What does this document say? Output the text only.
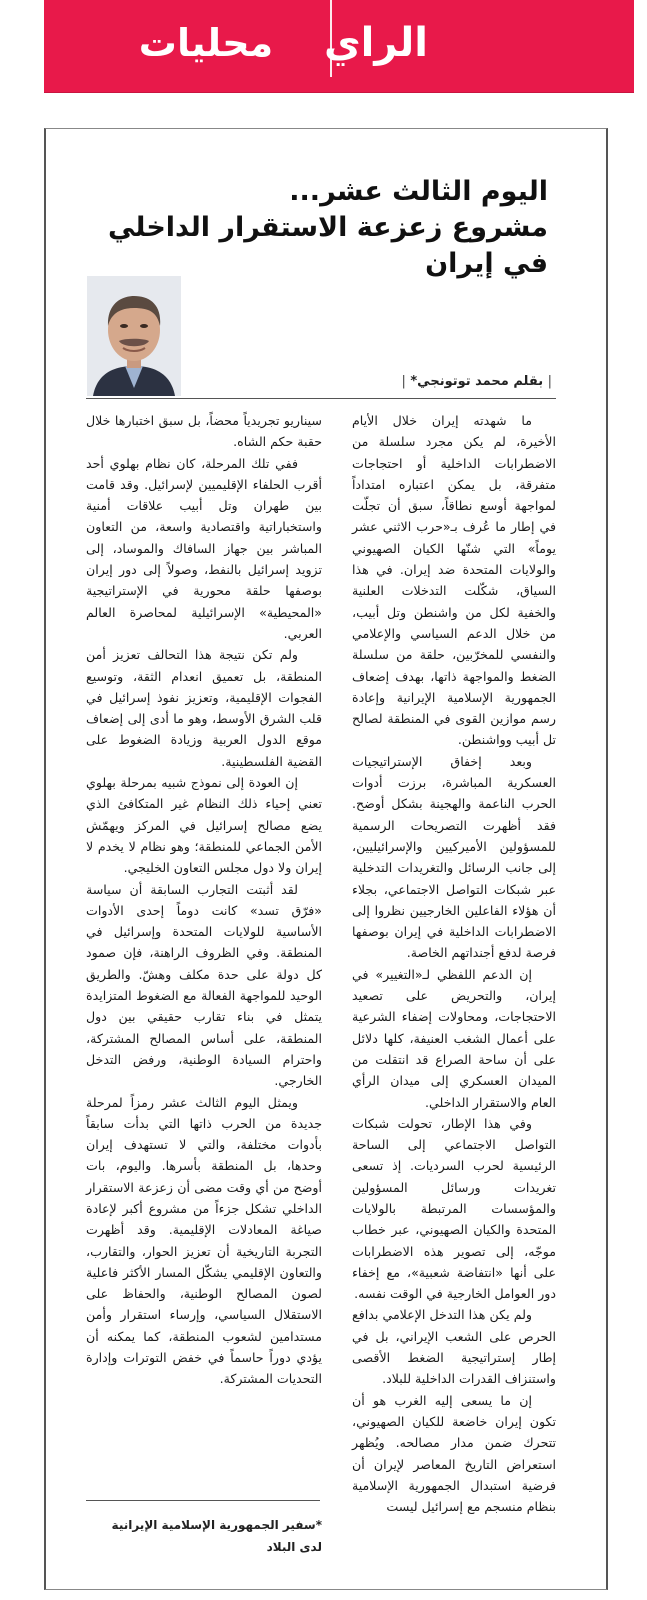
محليات	الراي
اليوم الثالث عشر...
مشروع زعزعة الاستقرار الداخلي في إيران
| بقلم محمد توتونجي* |

ما شهدته إيران خلال الأيام الأخيرة، لم يكن مجرد سلسلة من الاضطرابات الداخلية أو احتجاجات متفرقة، بل يمكن اعتباره امتداداً لمواجهة أوسع نطاقاً، سبق أن تجلّت في إطار ما عُرف بـ«حرب الاثني عشر يوماً» التي شنّها الكيان الصهيوني والولايات المتحدة ضد إيران. في هذا السياق، شكّلت التدخلات العلنية والخفية لكل من واشنطن وتل أبيب، من خلال الدعم السياسي والإعلامي والنفسي للمخرّبين، حلقة من سلسلة الضغط والمواجهة ذاتها، بهدف إضعاف الجمهورية الإسلامية الإيرانية وإعادة رسم موازين القوى في المنطقة لصالح تل أبيب وواشنطن.

وبعد إخفاق الإستراتيجيات العسكرية المباشرة، برزت أدوات الحرب الناعمة والهجينة بشكل أوضح. فقد أظهرت التصريحات الرسمية للمسؤولين الأميركيين والإسرائيليين، إلى جانب الرسائل والتغريدات التدخلية عبر شبكات التواصل الاجتماعي، بجلاء أن هؤلاء الفاعلين الخارجيين نظروا إلى الاضطرابات الداخلية في إيران بوصفها فرصة لدفع أجنداتهم الخاصة.

إن الدعم اللفظي لـ«التغيير» في إيران، والتحريض على تصعيد الاحتجاجات، ومحاولات إضفاء الشرعية على أعمال الشغب العنيفة، كلها دلائل على أن ساحة الصراع قد انتقلت من الميدان العسكري إلى ميدان الرأي العام والاستقرار الداخلي.

وفي هذا الإطار، تحولت شبكات التواصل الاجتماعي إلى الساحة الرئيسية لحرب السرديات. إذ تسعى تغريدات ورسائل المسؤولين والمؤسسات المرتبطة بالولايات المتحدة والكيان الصهيوني، عبر خطاب موجّه، إلى تصوير هذه الاضطرابات على أنها «انتفاضة شعبية»، مع إخفاء دور العوامل الخارجية في الوقت نفسه.

ولم يكن هذا التدخل الإعلامي بدافع الحرص على الشعب الإيراني، بل في إطار إستراتيجية الضغط الأقصى واستنزاف القدرات الداخلية للبلاد.

إن ما يسعى إليه الغرب هو أن تكون إيران خاضعة للكيان الصهيوني، تتحرك ضمن مدار مصالحه. ويُظهر استعراض التاريخ المعاصر لإيران أن فرضية استبدال الجمهورية الإسلامية بنظام منسجم مع إسرائيل ليست

سيناريو تجريدياً محضاً، بل سبق اختبارها خلال حقبة حكم الشاه.

ففي تلك المرحلة، كان نظام بهلوي أحد أقرب الحلفاء الإقليميين لإسرائيل. وقد قامت بين طهران وتل أبيب علاقات أمنية واستخباراتية واقتصادية واسعة، من التعاون المباشر بين جهاز السافاك والموساد، إلى تزويد إسرائيل بالنفط، وصولاً إلى دور إيران بوصفها حلقة محورية في الإستراتيجية «المحيطية» الإسرائيلية لمحاصرة العالم العربي.

ولم تكن نتيجة هذا التحالف تعزيز أمن المنطقة، بل تعميق انعدام الثقة، وتوسيع الفجوات الإقليمية، وتعزيز نفوذ إسرائيل في قلب الشرق الأوسط، وهو ما أدى إلى إضعاف موقع الدول العربية وزيادة الضغوط على القضية الفلسطينية.

إن العودة إلى نموذج شبيه بمرحلة بهلوي تعني إحياء ذلك النظام غير المتكافئ الذي يضع مصالح إسرائيل في المركز ويهمّش الأمن الجماعي للمنطقة؛ وهو نظام لا يخدم لا إيران ولا دول مجلس التعاون الخليجي.

لقد أثبتت التجارب السابقة أن سياسة «فرّق تسد» كانت دوماً إحدى الأدوات الأساسية للولايات المتحدة وإسرائيل في المنطقة. وفي الظروف الراهنة، فإن صمود كل دولة على حدة مكلف وهشّ. والطريق الوحيد للمواجهة الفعالة مع الضغوط المتزايدة يتمثل في بناء تقارب حقيقي بين دول المنطقة، على أساس المصالح المشتركة، واحترام السيادة الوطنية، ورفض التدخل الخارجي.

ويمثل اليوم الثالث عشر رمزاً لمرحلة جديدة من الحرب ذاتها التي بدأت سابقاً بأدوات مختلفة، والتي لا تستهدف إيران وحدها، بل المنطقة بأسرها. واليوم، بات أوضح من أي وقت مضى أن زعزعة الاستقرار الداخلي تشكل جزءاً من مشروع أكبر لإعادة صياغة المعادلات الإقليمية. وقد أظهرت التجربة التاريخية أن تعزيز الحوار، والتقارب، والتعاون الإقليمي يشكّل المسار الأكثر فاعلية لصون المصالح الوطنية، والحفاظ على الاستقلال السياسي، وإرساء استقرار وأمن مستدامين لشعوب المنطقة، كما يمكنه أن يؤدي دوراً حاسماً في خفض التوترات وإدارة التحديات المشتركة.

*سفير الجمهورية الإسلامية الإيرانية
لدى البلاد
